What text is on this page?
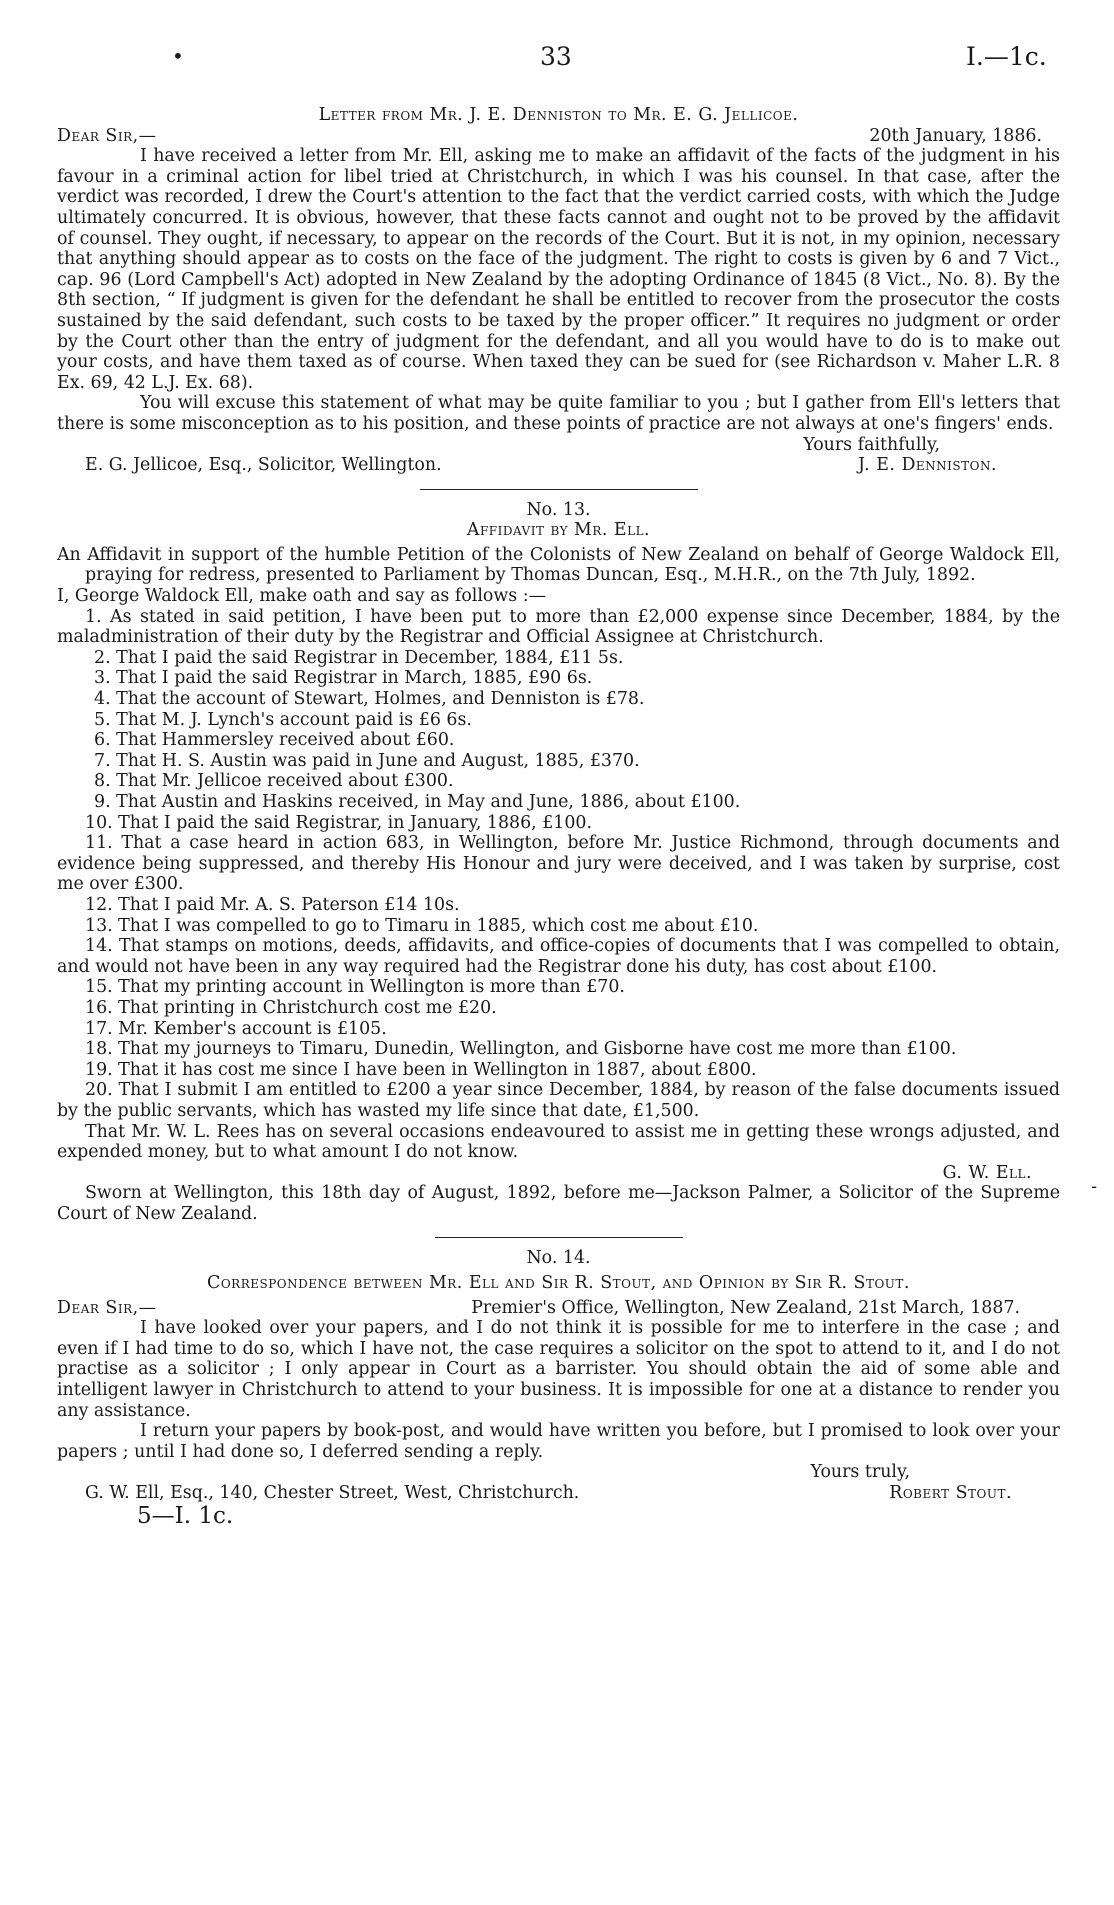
•	33	I.—1c.
Letter from Mr. J. E. Denniston to Mr. E. G. Jellicoe.
Dear Sir,—	20th January, 1886.

I have received a letter from Mr. Ell, asking me to make an affidavit of the facts of the judgment in his favour in a criminal action for libel tried at Christchurch, in which I was his counsel. In that case, after the verdict was recorded, I drew the Court's attention to the fact that the verdict carried costs, with which the Judge ultimately concurred. It is obvious, however, that these facts cannot and ought not to be proved by the affidavit of counsel. They ought, if necessary, to appear on the records of the Court. But it is not, in my opinion, necessary that anything should appear as to costs on the face of the judgment. The right to costs is given by 6 and 7 Vict., cap. 96 (Lord Campbell's Act) adopted in New Zealand by the adopting Ordinance of 1845 (8 Vict., No. 8). By the 8th section, “ If judgment is given for the defendant he shall be entitled to recover from the prosecutor the costs sustained by the said defendant, such costs to be taxed by the proper officer.” It requires no judgment or order by the Court other than the entry of judgment for the defendant, and all you would have to do is to make out your costs, and have them taxed as of course. When taxed they can be sued for (see Richardson v. Maher L.R. 8 Ex. 69, 42 L.J. Ex. 68).

You will excuse this statement of what may be quite familiar to you ; but I gather from Ell's letters that there is some misconception as to his position, and these points of practice are not always at one's fingers' ends.

Yours faithfully,
E. G. Jellicoe, Esq., Solicitor, Wellington.	J. E. Denniston.
No. 13.
Affidavit by Mr. Ell.

An Affidavit in support of the humble Petition of the Colonists of New Zealand on behalf of George Waldock Ell, praying for redress, presented to Parliament by Thomas Duncan, Esq., M.H.R., on the 7th July, 1892.

I, George Waldock Ell, make oath and say as follows :—

1. As stated in said petition, I have been put to more than £2,000 expense since December, 1884, by the maladministration of their duty by the Registrar and Official Assignee at Christchurch.

2. That I paid the said Registrar in December, 1884, £11 5s.

3. That I paid the said Registrar in March, 1885, £90 6s.

4. That the account of Stewart, Holmes, and Denniston is £78.

5. That M. J. Lynch's account paid is £6 6s.

6. That Hammersley received about £60.

7. That H. S. Austin was paid in June and August, 1885, £370.

8. That Mr. Jellicoe received about £300.

9. That Austin and Haskins received, in May and June, 1886, about £100.

10. That I paid the said Registrar, in January, 1886, £100.

11. That a case heard in action 683, in Wellington, before Mr. Justice Richmond, through documents and evidence being suppressed, and thereby His Honour and jury were deceived, and I was taken by surprise, cost me over £300.

12. That I paid Mr. A. S. Paterson £14 10s.

13. That I was compelled to go to Timaru in 1885, which cost me about £10.

14. That stamps on motions, deeds, affidavits, and office-copies of documents that I was compelled to obtain, and would not have been in any way required had the Registrar done his duty, has cost about £100.

15. That my printing account in Wellington is more than £70.

16. That printing in Christchurch cost me £20.

17. Mr. Kember's account is £105.

18. That my journeys to Timaru, Dunedin, Wellington, and Gisborne have cost me more than £100.

19. That it has cost me since I have been in Wellington in 1887, about £800.

20. That I submit I am entitled to £200 a year since December, 1884, by reason of the false documents issued by the public servants, which has wasted my life since that date, £1,500.

That Mr. W. L. Rees has on several occasions endeavoured to assist me in getting these wrongs adjusted, and expended money, but to what amount I do not know.

G. W. Ell.

Sworn at Wellington, this 18th day of August, 1892, before me—Jackson Palmer, a Solicitor of the Supreme Court of New Zealand.

No. 14.
Correspondence between Mr. Ell and Sir R. Stout, and Opinion by Sir R. Stout.
Dear Sir,—	Premier's Office, Wellington, New Zealand, 21st March, 1887.

I have looked over your papers, and I do not think it is possible for me to interfere in the case ; and even if I had time to do so, which I have not, the case requires a solicitor on the spot to attend to it, and I do not practise as a solicitor ; I only appear in Court as a barrister. You should obtain the aid of some able and intelligent lawyer in Christchurch to attend to your business. It is impossible for one at a distance to render you any assistance.

I return your papers by book-post, and would have written you before, but I promised to look over your papers ; until I had done so, I deferred sending a reply.

Yours truly,
G. W. Ell, Esq., 140, Chester Street, West, Christchurch.	Robert Stout.
5—I. 1c.
-
